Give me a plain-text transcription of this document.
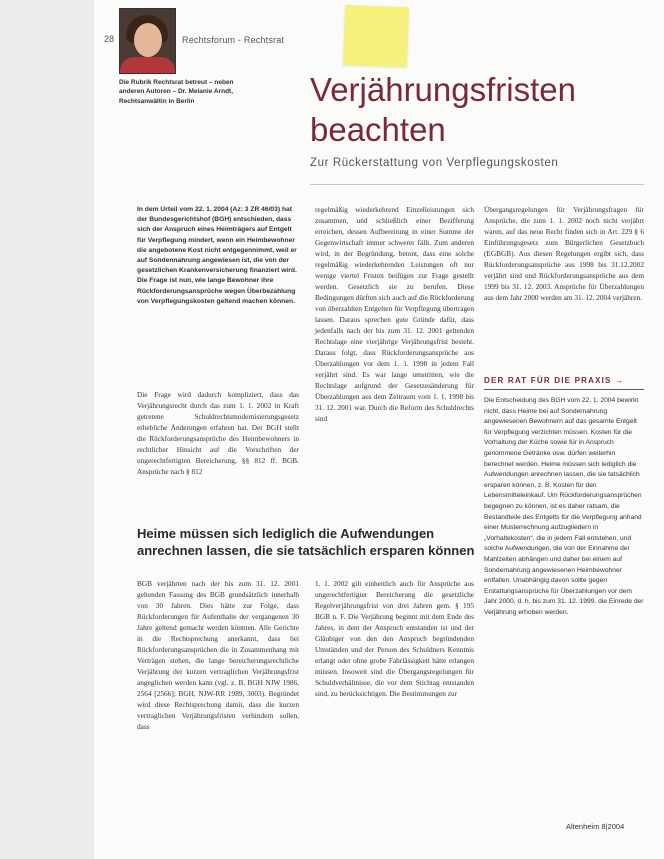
28	Rechtsforum - Rechtsrat
Die Rubrik Rechtsrat betreut – neben anderen Autoren – Dr. Melanie Arndt, Rechtsanwältin in Berlin	Verjährungsfristen
beachten
Zur Rückerstattung von Verpflegungskosten
In dem Urteil vom 22. 1. 2004 (Az: 3 ZR 46/03) hat der Bundesgerichtshof (BGH) entschieden, dass sich der Anspruch eines Heimträgers auf Entgelt für Verpflegung mindert, wenn ein Heimbewohner die angebotene Kost nicht entgegennimmt, weil er auf Sondennahrung angewiesen ist, die von der gesetzlichen Krankenversicherung finanziert wird. Die Frage ist nun, wie lange Bewohner ihre Rückforderungsansprüche wegen Überbezahlung von Verpflegungskosten geltend machen können.
Die Frage wird dadurch kompliziert, dass das Verjährungsrecht durch das zum 1. 1. 2002 in Kraft getretene Schuldrechtsmodernisierungsgesetz erhebliche Änderungen erfahren hat. Der BGH stellt die Rückforderungsansprüche des Heimbewohners in rechtlicher Hinsicht auf die Vorschriften der ungerechtfertigten Bereicherung, §§ 812 ff. BGB. Ansprüche nach § 812
regelmäßig wiederkehrend Einzelleistungen sich zusammen, und schließlich einer Bezifferung erreichen, dessen Aufbereitung in einer Summe der Gegenwirtschaft immer schwerer fällt. Zum anderen wird, in der Begründung, betont, dass eine solche regelmäßig wiederkehrenden Leistungen oft nur wenige viertel Fristen beifügen zur Frage gestellt werden. Gesetzlich sie zu berufen. Diese Bedingungen dürften sich auch auf die Rückforderung von überzahlten Entgelten für Verpflegung übertragen lassen. Daraus sprechen gute Gründe dafür, dass jedenfalls nach der bis zum 31. 12. 2001 geltenden Rechtslage eine vierjährige Verjährungsfrist besteht. Daraus folgt, dass Rückforderungsansprüche aus Überzahlungen vor dem 1. 1. 1998 in jedem Fall verjährt sind. Es war lange umstritten, wie die Rechtslage aufgrund der Gesetzesänderung für Überzahlungen aus dem Zeitraum vom 1. 1. 1998 bis 31. 12. 2001 war. Durch die Reform des Schuldrechts sind
Übergangsregelungen für Verjährungsfragen für Ansprüche, die zum 1. 1. 2002 noch nicht verjährt waren, auf das neue Recht finden sich in Art. 229 § 6 Einführungsgesetz zum Bürgerlichen Gesetzbuch (EGBGB). Aus diesen Regelungen ergibt sich, dass Rückforderungsansprüche aus 1998 bis 31.12.2002 verjährt sind und Rückforderungsansprüche aus dem 1999 bis 31. 12. 2003. Ansprüche für Überzahlungen aus dem Jahr 2000 werden am 31. 12. 2004 verjähren.
DER RAT FÜR DIE PRAXIS →
Die Entscheidung des BGH vom 22. 1. 2004 bewirkt nicht, dass Heime bei auf Sondernahrung angewiesenen Bewohnern auf das gesamte Entgelt für Verpflegung verzichten müssen. Kosten für die Vorhaltung der Küche sowie für in Anspruch genommene Getränke usw. dürfen weiterhin berechnet werden. Heime müssen sich lediglich die Aufwendungen anrechnen lassen, die sie tatsächlich ersparen können, z. B. Kosten für den Lebensmitteleinkauf. Um Rückforderungsansprüchen begegnen zu können, ist es daher ratsam, die Bestandteile des Entgelts für die Verpflegung anhand einer Musterrechnung aufzugliedern in „Vorhaltekosten“, die in jedem Fall entstehen, und solche Aufwendungen, die von der Einnahme der Mahlzeiten abhängen und daher bei einem auf Sondernahrung angewiesenen Heimbewohner entfallen. Unabhängig davon sollte gegen Erstattungsansprüche für Überzahlungen vor dem Jahr 2000, d. h. bis zum 31. 12. 1999, die Einrede der Verjährung erhoben werden.
Heime müssen sich lediglich die Aufwendungen anrechnen lassen, die sie tatsächlich ersparen können
BGB verjährten nach der bis zum 31. 12. 2001 geltenden Fassung des BGB grundsätzlich innerhalb von 30 Jahren. Dies hätte zur Folge, dass Rückforderungen für Aufenthalte der vergangenen 30 Jahre geltend gemacht werden könnten. Alle Gerichte in die Rechtsprechung anerkannt, dass bei Rückforderungsansprüchen die in Zusammenhang mit Verträgen stehen, die lange bereicherungsrechtliche Verjährung der kurzen vertraglichen Verjährungsfrist angeglichen werden kann (vgl. z. B. BGH NJW 1986, 2564 [2566]; BGH, NJW-RR 1989, 3003). Begründet wird diese Rechtsprechung damit, dass die kurzen vertraglichen Verjährungsfristen verhindern sollen, dass
1. 1. 2002 gilt einheitlich auch für Ansprüche aus ungerechtfertigter Bereicherung die gesetzliche Regelverjährungsfrist von drei Jahren gem. § 195 BGB n. F. Die Verjährung beginnt mit dem Ende des Jahres, in dem der Anspruch entstanden ist und der Gläubiger von den den Anspruch begründenden Umständen und der Person des Schuldners Kenntnis erlangt oder ohne grobe Fahrlässigkeit hätte erlangen müssen. Insoweit sind die Übergangsregelungen für Schuldverhältnisse, die vor dem Stichtag entstanden sind, zu berücksichtigen. Die Bestimmungen zur
Altenheim 8|2004
